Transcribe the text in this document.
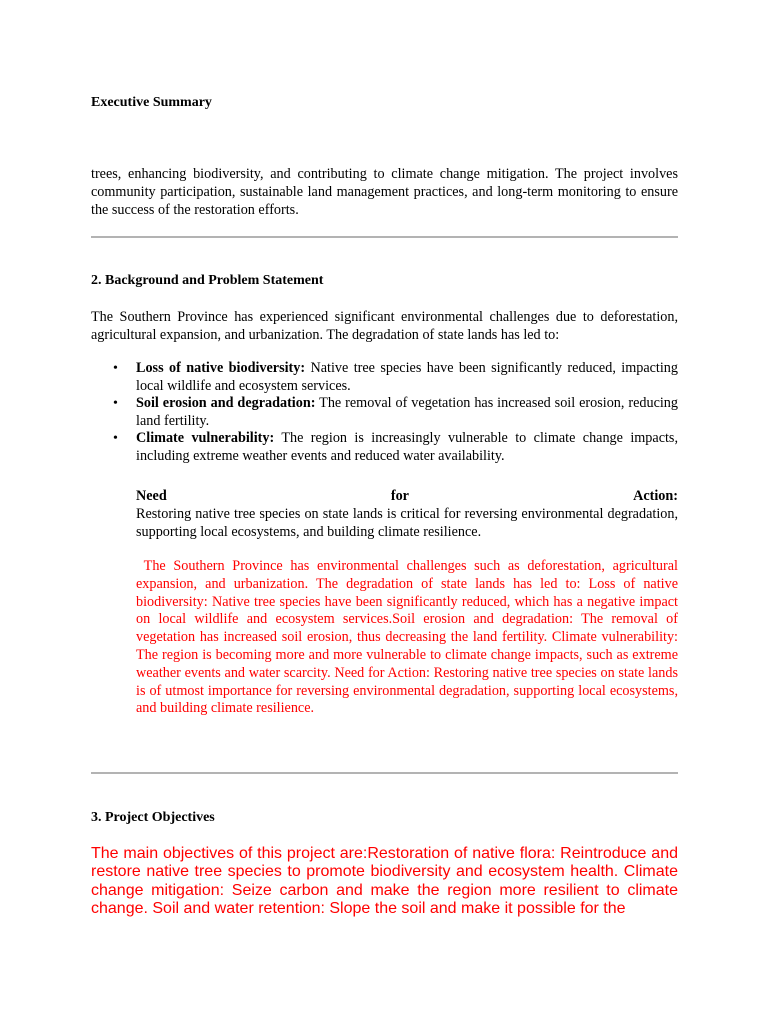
Executive Summary

trees, enhancing biodiversity, and contributing to climate change mitigation. The project involves community participation, sustainable land management practices, and long-term monitoring to ensure the success of the restoration efforts.

2. Background and Problem Statement

The Southern Province has experienced significant environmental challenges due to deforestation, agricultural expansion, and urbanization. The degradation of state lands has led to:

• Loss of native biodiversity: Native tree species have been significantly reduced, impacting local wildlife and ecosystem services.
• Soil erosion and degradation: The removal of vegetation has increased soil erosion, reducing land fertility.
• Climate vulnerability: The region is increasingly vulnerable to climate change impacts, including extreme weather events and reduced water availability.
Need	for	Action:

Restoring native tree species on state lands is critical for reversing environmental degradation, supporting local ecosystems, and building climate resilience.

The Southern Province has environmental challenges such as deforestation, agricultural expansion, and urbanization. The degradation of state lands has led to: Loss of native biodiversity: Native tree species have been significantly reduced, which has a negative impact on local wildlife and ecosystem services.Soil erosion and degradation: The removal of vegetation has increased soil erosion, thus decreasing the land fertility. Climate vulnerability: The region is becoming more and more vulnerable to climate change impacts, such as extreme weather events and water scarcity. Need for Action: Restoring native tree species on state lands is of utmost importance for reversing environmental degradation, supporting local ecosystems, and building climate resilience.

3. Project Objectives

The main objectives of this project are:Restoration of native flora: Reintroduce and restore native tree species to promote biodiversity and ecosystem health. Climate change mitigation: Seize carbon and make the region more resilient to climate change. Soil and water retention: Slope the soil and make it possible for the
